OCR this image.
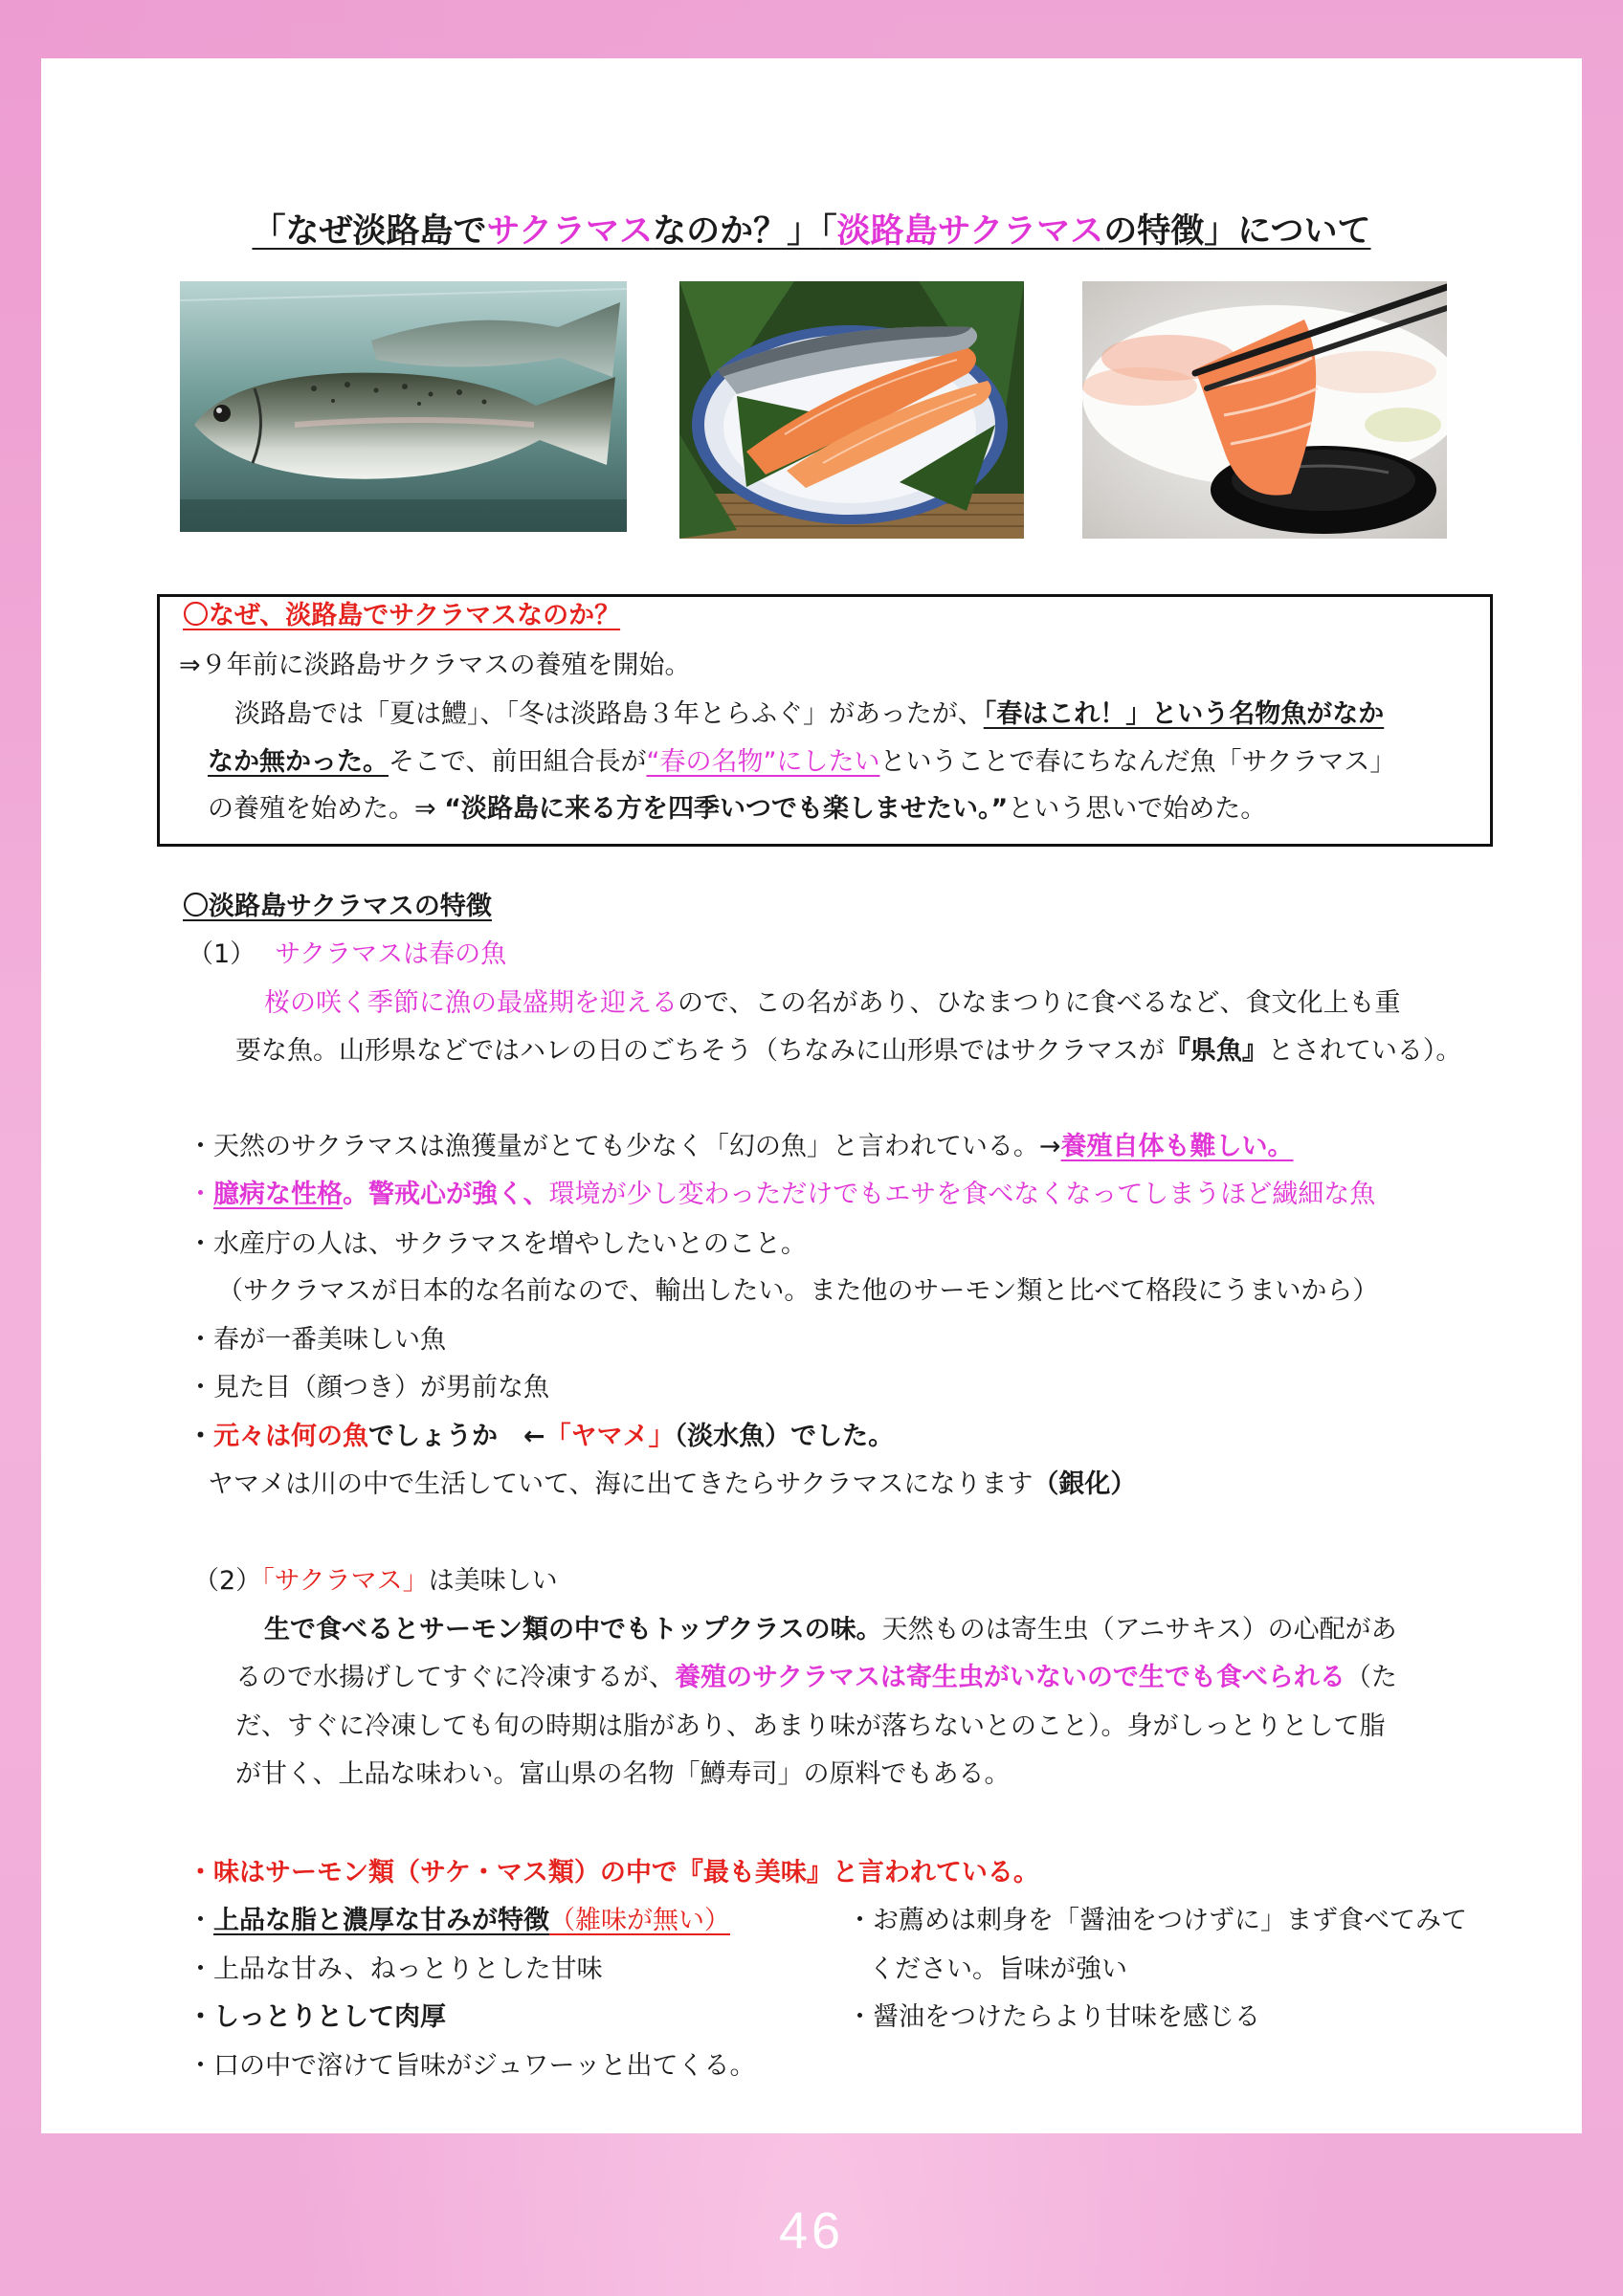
「なぜ淡路島でサクラマスなのか？」「淡路島サクラマスの特徴」について
〇なぜ、淡路島でサクラマスなのか？
⇒９年前に淡路島サクラマスの養殖を開始。
淡路島では「夏は鱧」、「冬は淡路島３年とらふぐ」があったが、「春はこれ！」という名物魚がなか
なか無かった。そこで、前田組合長が“春の名物”にしたいということで春にちなんだ魚「サクラマス」
の養殖を始めた。⇒ “淡路島に来る方を四季いつでも楽しませたい。”という思いで始めた。
〇淡路島サクラマスの特徴
（1） サクラマスは春の魚
桜の咲く季節に漁の最盛期を迎えるので、この名があり、ひなまつりに食べるなど、食文化上も重
要な魚。山形県などではハレの日のごちそう（ちなみに山形県ではサクラマスが『県魚』とされている）。
・天然のサクラマスは漁獲量がとても少なく「幻の魚」と言われている。→養殖自体も難しい。
・臆病な性格。警戒心が強く、環境が少し変わっただけでもエサを食べなくなってしまうほど繊細な魚
・水産庁の人は、サクラマスを増やしたいとのこと。
（サクラマスが日本的な名前なので、輸出したい。また他のサーモン類と比べて格段にうまいから）
・春が一番美味しい魚
・見た目（顔つき）が男前な魚
・元々は何の魚でしょうか　←「ヤマメ」（淡水魚）でした。
ヤマメは川の中で生活していて、海に出てきたらサクラマスになります（銀化）
（2）「サクラマス」は美味しい
生で食べるとサーモン類の中でもトップクラスの味。天然ものは寄生虫（アニサキス）の心配があ
るので水揚げしてすぐに冷凍するが、養殖のサクラマスは寄生虫がいないので生でも食べられる（た
だ、すぐに冷凍しても旬の時期は脂があり、あまり味が落ちないとのこと）。身がしっとりとして脂
が甘く、上品な味わい。富山県の名物「鱒寿司」の原料でもある。
・味はサーモン類（サケ・マス類）の中で『最も美味』と言われている。
・上品な脂と濃厚な甘みが特徴（雑味が無い）
・上品な甘み、ねっとりとした甘味
・しっとりとして肉厚
・口の中で溶けて旨味がジュワーッと出てくる。
・お薦めは刺身を「醤油をつけずに」まず食べてみて
ください。旨味が強い
・醤油をつけたらより甘味を感じる
46
